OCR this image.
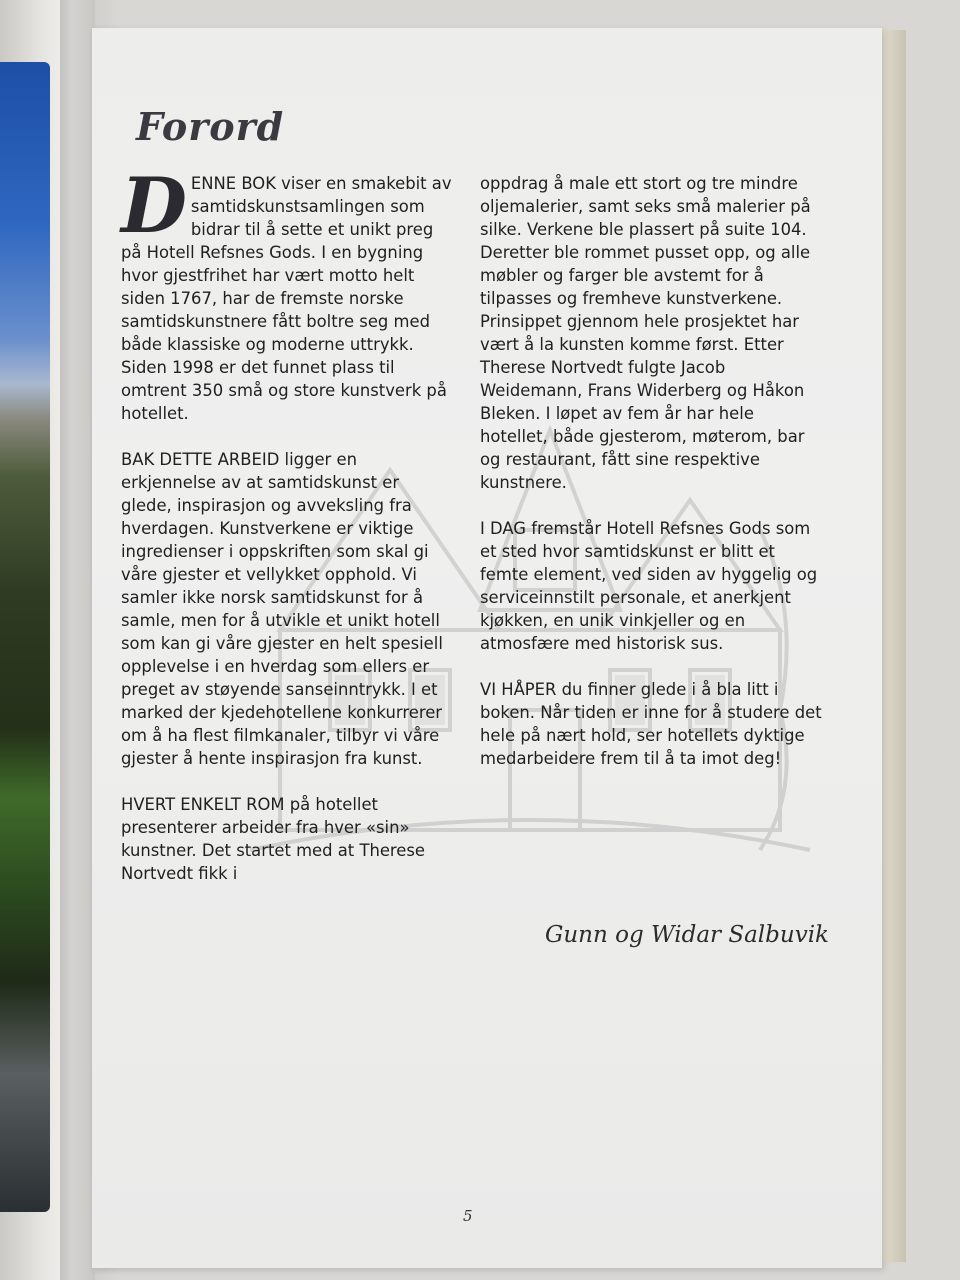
Forord

DENNE BOK viser en smakebit av samtidskunstsamlingen som bidrar til å sette et unikt preg på Hotell Refsnes Gods. I en bygning hvor gjestfrihet har vært motto helt siden 1767, har de fremste norske samtidskunstnere fått boltre seg med både klassiske og moderne uttrykk. Siden 1998 er det funnet plass til omtrent 350 små og store kunstverk på hotellet.

BAK DETTE ARBEID ligger en erkjennelse av at samtidskunst er glede, inspirasjon og avveksling fra hverdagen. Kunstverkene er viktige ingredienser i oppskriften som skal gi våre gjester et vellykket opphold. Vi samler ikke norsk samtidskunst for å samle, men for å utvikle et unikt hotell som kan gi våre gjester en helt spesiell opplevelse i en hverdag som ellers er preget av støyende sanseinntrykk. I et marked der kjedehotellene konkurrerer om å ha flest filmkanaler, tilbyr vi våre gjester å hente inspirasjon fra kunst.

HVERT ENKELT ROM på hotellet presenterer arbeider fra hver «sin» kunstner. Det startet med at Therese Nortvedt fikk i

oppdrag å male ett stort og tre mindre oljemalerier, samt seks små malerier på silke. Verkene ble plassert på suite 104. Deretter ble rommet pusset opp, og alle møbler og farger ble avstemt for å tilpasses og fremheve kunstverkene. Prinsippet gjennom hele prosjektet har vært å la kunsten komme først. Etter Therese Nortvedt fulgte Jacob Weidemann, Frans Widerberg og Håkon Bleken. I løpet av fem år har hele hotellet, både gjesterom, møterom, bar og restaurant, fått sine respektive kunstnere.

I DAG fremstår Hotell Refsnes Gods som et sted hvor samtidskunst er blitt et femte element, ved siden av hyggelig og serviceinnstilt personale, et anerkjent kjøkken, en unik vinkjeller og en atmosfære med historisk sus.

VI HÅPER du finner glede i å bla litt i boken. Når tiden er inne for å studere det hele på nært hold, ser hotellets dyktige medarbeidere frem til å ta imot deg!

Gunn og Widar Salbuvik
5
